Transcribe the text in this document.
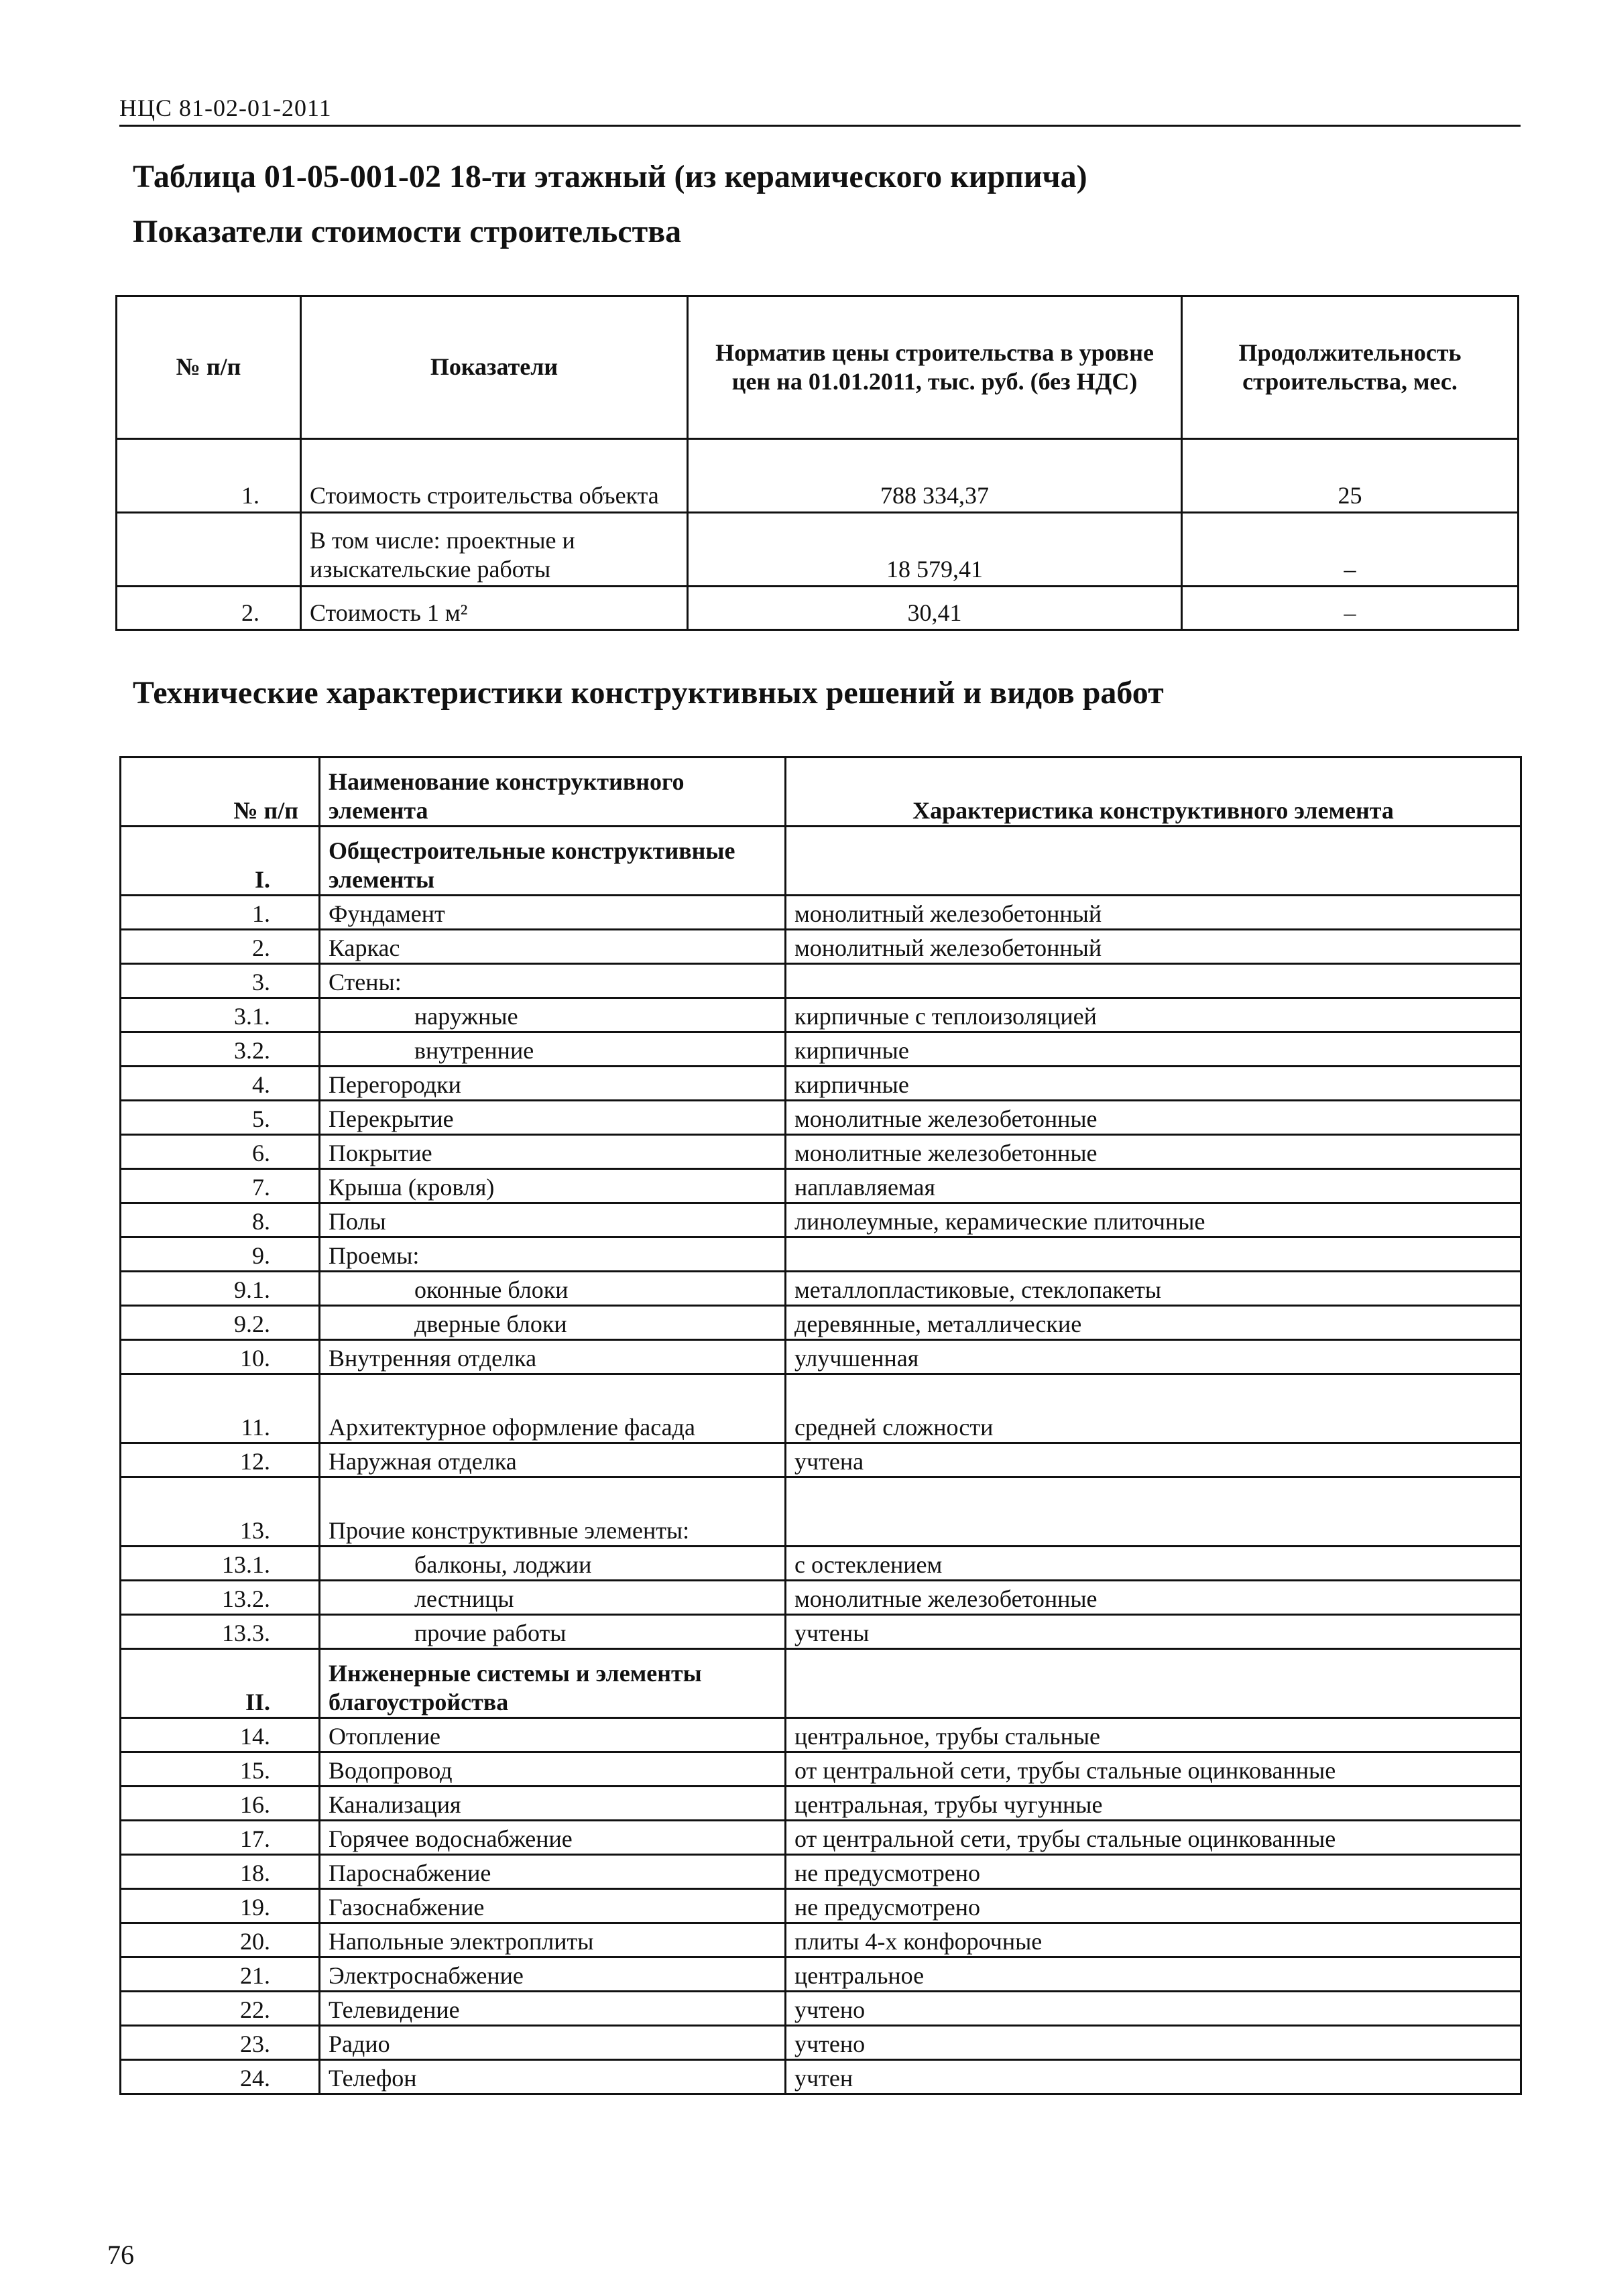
НЦС 81-02-01-2011
Таблица 01-05-001-02 18-ти этажный (из керамического кирпича)
Показатели стоимости строительства
№ п/п	Показатели	Норматив цены строительства в уровне цен на 01.01.2011, тыс. руб. (без НДС)	Продолжительность строительства, мес.
1.	Стоимость строительства объекта	788 334,37	25
	В том числе: проектные и изыскательские работы	18 579,41	–
2.	Стоимость 1 м²	30,41	–
Технические характеристики конструктивных решений и видов работ
№ п/п	Наименование конструктивного элемента	Характеристика конструктивного элемента
I.	Общестроительные конструктивные элементы	
1.	Фундамент	монолитный железобетонный
2.	Каркас	монолитный железобетонный
3.	Стены:	
3.1.	наружные	кирпичные с теплоизоляцией
3.2.	внутренние	кирпичные
4.	Перегородки	кирпичные
5.	Перекрытие	монолитные железобетонные
6.	Покрытие	монолитные железобетонные
7.	Крыша (кровля)	наплавляемая
8.	Полы	линолеумные, керамические плиточные
9.	Проемы:	
9.1.	оконные блоки	металлопластиковые, стеклопакеты
9.2.	дверные блоки	деревянные, металлические
10.	Внутренняя отделка	улучшенная
11.	Архитектурное оформление фасада	средней сложности
12.	Наружная отделка	учтена
13.	Прочие конструктивные элементы:	
13.1.	балконы, лоджии	с остеклением
13.2.	лестницы	монолитные железобетонные
13.3.	прочие работы	учтены
II.	Инженерные системы и элементы благоустройства	
14.	Отопление	центральное, трубы стальные
15.	Водопровод	от центральной сети, трубы стальные оцинкованные
16.	Канализация	центральная, трубы чугунные
17.	Горячее водоснабжение	от центральной сети, трубы стальные оцинкованные
18.	Пароснабжение	не предусмотрено
19.	Газоснабжение	не предусмотрено
20.	Напольные электроплиты	плиты 4-х конфорочные
21.	Электроснабжение	центральное
22.	Телевидение	учтено
23.	Радио	учтено
24.	Телефон	учтен
76
